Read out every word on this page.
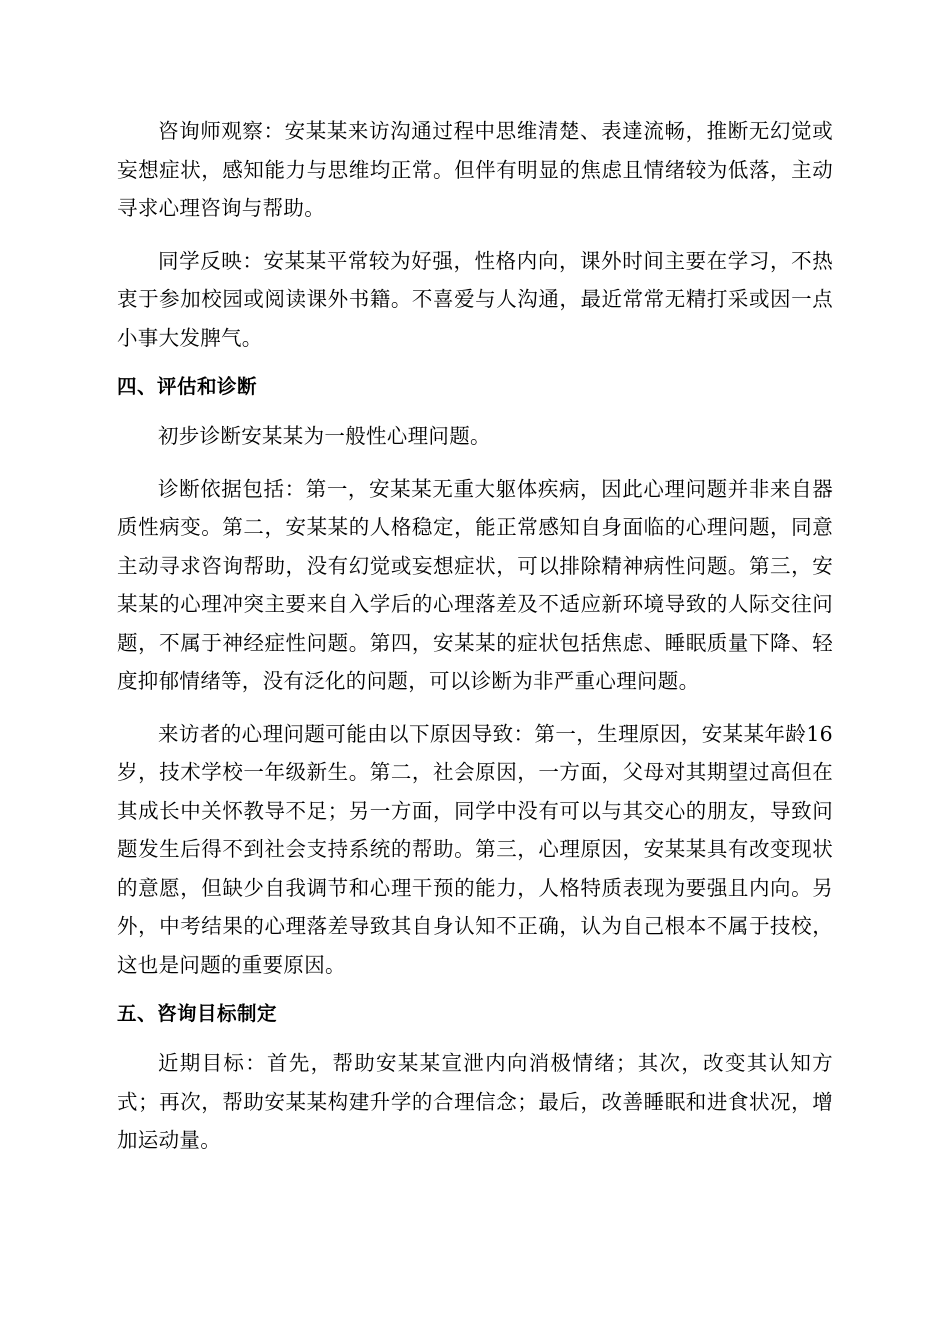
咨询师观察：安某某来访沟通过程中思维清楚、表達流畅，推断无幻觉或妄想症状，感知能力与思维均正常。但伴有明显的焦虑且情绪较为低落，主动寻求心理咨询与帮助。

同学反映：安某某平常较为好强，性格内向，课外时间主要在学习，不热衷于参加校园或阅读课外书籍。不喜爱与人沟通，最近常常无精打采或因一点小事大发脾气。

四、评估和诊断

初步诊断安某某为一般性心理问题。

诊断依据包括：第一，安某某无重大躯体疾病，因此心理问题并非来自器质性病变。第二，安某某的人格稳定，能正常感知自身面临的心理问题，同意主动寻求咨询帮助，没有幻觉或妄想症状，可以排除精神病性问题。第三，安某某的心理冲突主要来自入学后的心理落差及不适应新环境导致的人际交往问题，不属于神经症性问题。第四，安某某的症状包括焦虑、睡眠质量下降、轻度抑郁情绪等，没有泛化的问题，可以诊断为非严重心理问题。

来访者的心理问题可能由以下原因导致：第一，生理原因，安某某年龄16岁，技术学校一年级新生。第二，社会原因，一方面，父母对其期望过高但在其成长中关怀教导不足；另一方面，同学中没有可以与其交心的朋友，导致问题发生后得不到社会支持系统的帮助。第三，心理原因，安某某具有改变现状的意愿，但缺少自我调节和心理干预的能力，人格特质表现为要强且内向。另外，中考结果的心理落差导致其自身认知不正确，认为自己根本不属于技校，这也是问题的重要原因。

五、咨询目标制定

近期目标：首先，帮助安某某宣泄内向消极情绪；其次，改变其认知方式；再次，帮助安某某构建升学的合理信念；最后，改善睡眠和进食状况，增加运动量。
